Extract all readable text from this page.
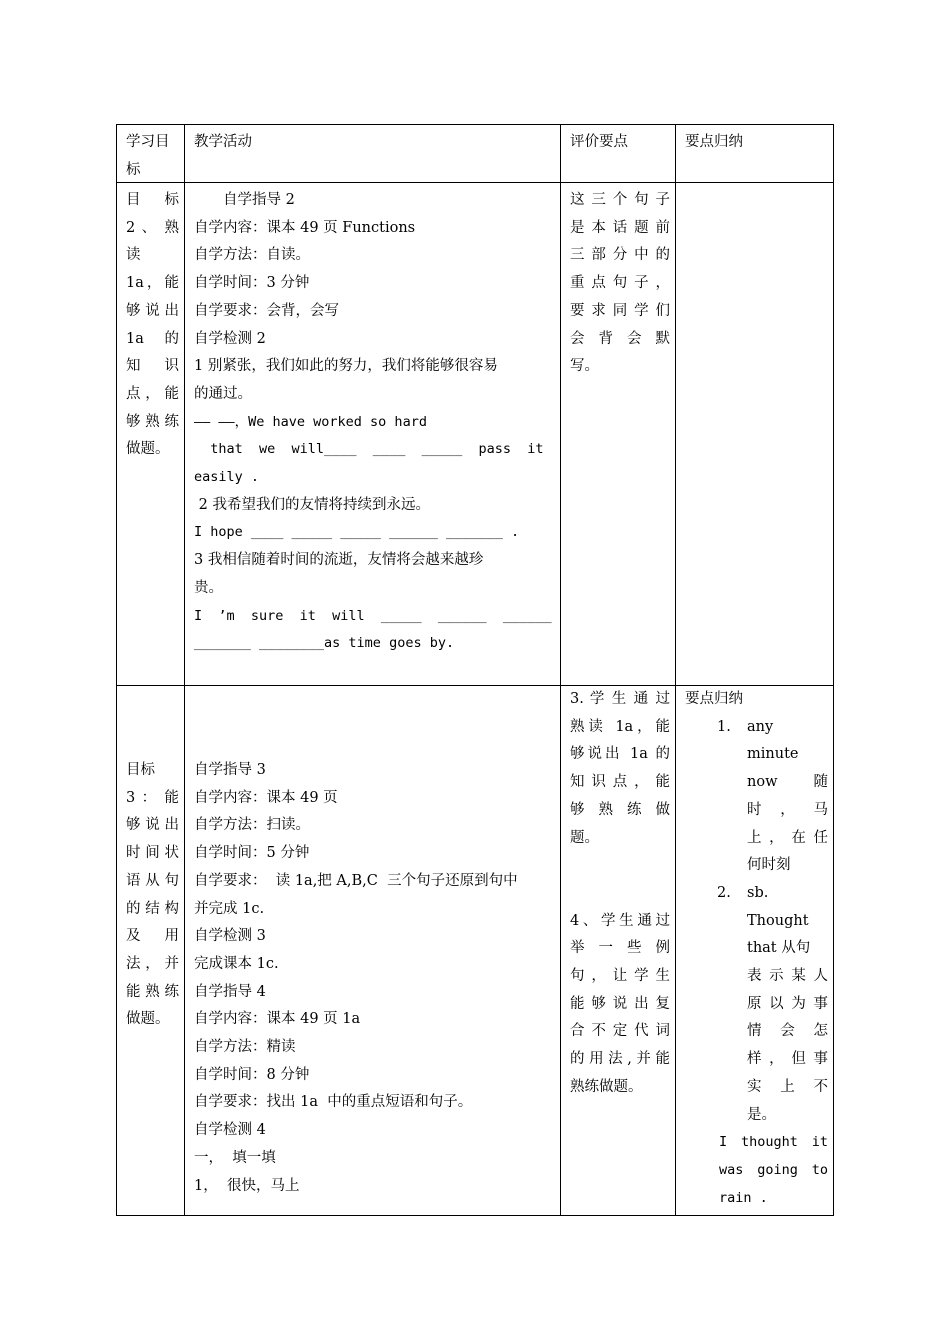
学习目
标
教学活动	评价要点	要点归纳
目　标
2 、 熟
读
1a，能
够说出
1a　的
知　识
点，能
够熟练
做题。
　　自学指导 2
自学内容：课本 49 页 Functions
自学方法：自读。
自学时间：3 分钟
自学要求：会背，会写
自学检测 2
1 别紧张，我们如此的努力，我们将能够很容易
的通过。
—— ——，We have worked so hard
that  we  will____  ____  _____  pass  it
easily .
2 我希望我们的友情将持续到永远。
I hope ____ _____ _____ ______ _______ .
3 我相信随着时间的流逝，友情将会越来越珍
贵。
I  ’m  sure  it  will  _____  ______  ______
_______ ________as time goes by.
这三个句子
是本话题前
三部分中的
重点句子，
要求同学们
会背会默
写。
目标
3 ： 能
够说出
时间状
语从句
的结构
及　用
法，并
能熟练
做题。
自学指导 3
自学内容：课本 49 页
自学方法：扫读。
自学时间：5 分钟
自学要求：  读 1a,把 A,B,C  三个句子还原到句中
并完成 1c.
自学检测 3
完成课本 1c.
自学指导 4
自学内容：课本 49 页 1a
自学方法：精读
自学时间：8 分钟
自学要求：找出 1a  中的重点短语和句子。
自学检测 4
一，  填一填
1，  很快，马上
3. 学 生 通 过
熟读 1a，能
够说出 1a 的
知识点，能
够 熟 练 做
题。

4、学生通过
举 一 些 例
句，让学生
能够说出复
合不定代词
的用法,并能
熟练做题。
要点归纳
1. any
minute
now　　随
时 ， 马
上，在任
何时刻
2. sb.
Thought
that 从句
表示某人
原以为事
情 会 怎
样，但事
实 上 不
是。
I thought it
was going to
rain .
